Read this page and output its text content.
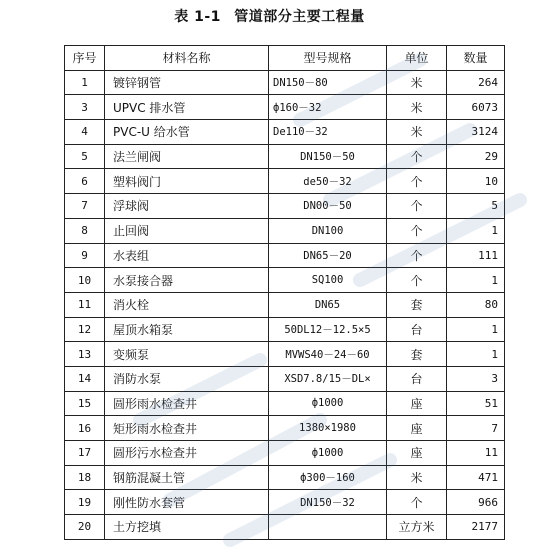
表 1-1 管道部分主要工程量
序号	材料名称	型号规格	单位	数量
1	镀锌钢管	DN150－80	米	264
3	UPVC 排水管	ф160－32	米	6073
4	PVC-U 给水管	De110－32	米	3124
5	法兰闸阀	DN150－50	个	29
6	塑料阀门	de50－32	个	10
7	浮球阀	DN00－50	个	5
8	止回阀	DN100	个	1
9	水表组	DN65－20	个	111
10	水泵接合器	SQ100	个	1
11	消火栓	DN65	套	80
12	屋顶水箱泵	50DL12－12.5×5	台	1
13	变频泵	MVWS40－24－60	套	1
14	消防水泵	XSD7.8/15－DL×	台	3
15	圆形雨水检查井	ф1000	座	51
16	矩形雨水检查井	1380×1980	座	7
17	圆形污水检查井	ф1000	座	11
18	钢筋混凝土管	ф300－160	米	471
19	刚性防水套管	DN150－32	个	966
20	土方挖填		立方米	2177
